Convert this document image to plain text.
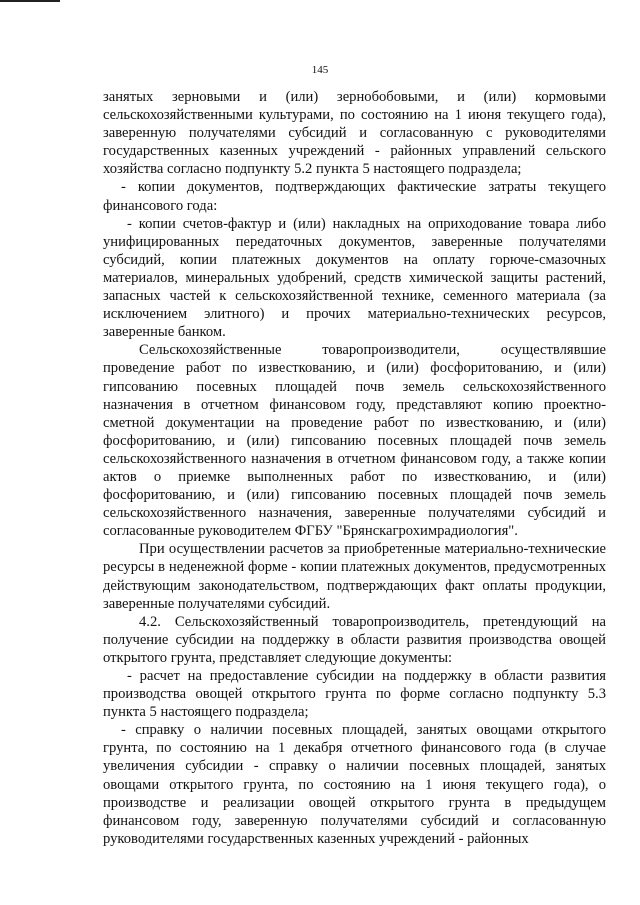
145

занятых зерновыми и (или) зернобобовыми, и (или) кормовыми сельскохозяйственными культурами, по состоянию на 1 июня текущего года), заверенную получателями субсидий и согласованную с руководителями государственных казенных учреждений - районных управлений сельского хозяйства согласно подпункту 5.2 пункта 5 настоящего подраздела;

- копии документов, подтверждающих фактические затраты текущего финансового года:

- копии счетов-фактур и (или) накладных на оприходование товара либо унифицированных передаточных документов, заверенные получателями субсидий, копии платежных документов на оплату горюче-смазочных материалов, минеральных удобрений, средств химической защиты растений, запасных частей к сельскохозяйственной технике, семенного материала (за исключением элитного) и прочих материально-технических ресурсов, заверенные банком.

Сельскохозяйственные товаропроизводители, осуществлявшие проведение работ по известкованию, и (или) фосфоритованию, и (или) гипсованию посевных площадей почв земель сельскохозяйственного назначения в отчетном финансовом году, представляют копию проектно-сметной документации на проведение работ по известкованию, и (или) фосфоритованию, и (или) гипсованию посевных площадей почв земель сельскохозяйственного назначения в отчетном финансовом году, а также копии актов о приемке выполненных работ по известкованию, и (или) фосфоритованию, и (или) гипсованию посевных площадей почв земель сельскохозяйственного назначения, заверенные получателями субсидий и согласованные руководителем ФГБУ "Брянскагрохимрадиология".

При осуществлении расчетов за приобретенные материально-технические ресурсы в неденежной форме - копии платежных документов, предусмотренных действующим законодательством, подтверждающих факт оплаты продукции, заверенные получателями субсидий.

4.2. Сельскохозяйственный товаропроизводитель, претендующий на получение субсидии на поддержку в области развития производства овощей открытого грунта, представляет следующие документы:

- расчет на предоставление субсидии на поддержку в области развития производства овощей открытого грунта по форме согласно подпункту 5.3 пункта 5 настоящего подраздела;

- справку о наличии посевных площадей, занятых овощами открытого грунта, по состоянию на 1 декабря отчетного финансового года (в случае увеличения субсидии - справку о наличии посевных площадей, занятых овощами открытого грунта, по состоянию на 1 июня текущего года), о производстве и реализации овощей открытого грунта в предыдущем финансовом году, заверенную получателями субсидий и согласованную руководителями государственных казенных учреждений - районных
